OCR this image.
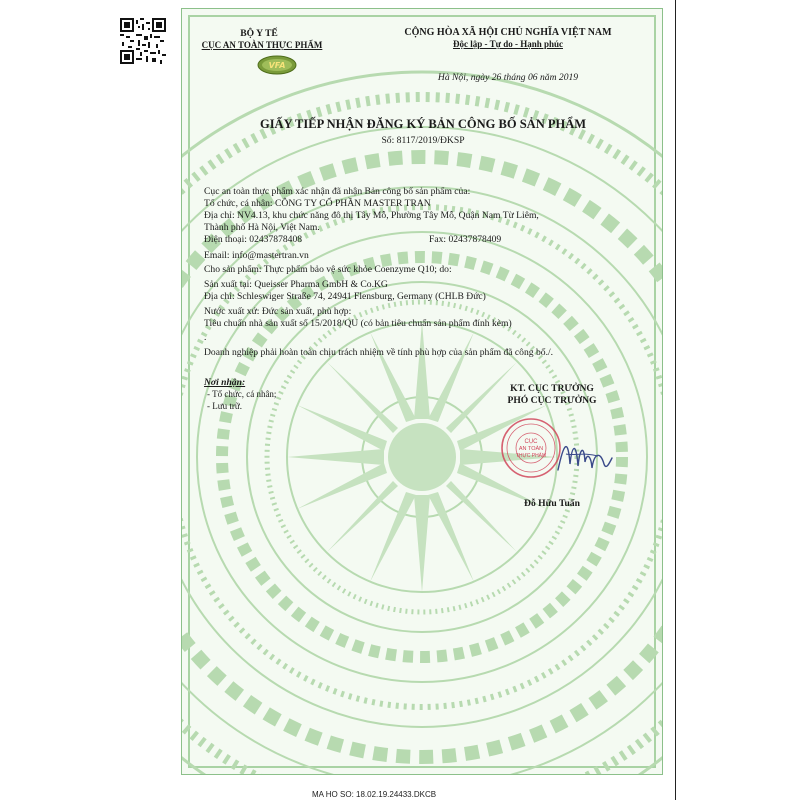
BỘ Y TẾ
CỤC AN TOÀN THỰC PHẨM
VFA
CỘNG HÒA XÃ HỘI CHỦ NGHĨA VIỆT NAM
Độc lập - Tự do - Hạnh phúc
Hà Nội, ngày 26 tháng 06 năm 2019
GIẤY TIẾP NHẬN ĐĂNG KÝ BẢN CÔNG BỐ SẢN PHẨM
Số: 8117/2019/ĐKSP
Cục an toàn thực phẩm xác nhận đã nhận Bản công bố sản phẩm của:
Tổ chức, cá nhân: CÔNG TY CỔ PHẦN MASTER TRAN
Địa chỉ: NV4.13, khu chức năng đô thị Tây Mỗ, Phường Tây Mỗ, Quận Nam Từ Liêm,
Thành phố Hà Nội, Việt Nam.
Điện thoại: 02437878408	Fax: 02437878409
Email: info@mastertran.vn
Cho sản phẩm: Thực phẩm bảo vệ sức khỏe Coenzyme Q10; do:
Sản xuất tại: Queisser Pharma GmbH & Co.KG
Địa chỉ: Schleswiger Straße 74, 24941 Flensburg, Germany (CHLB Đức)
Nước xuất xứ: Đức sản xuất, phù hợp:
Tiêu chuẩn nhà sản xuất số 15/2018/QU (có bản tiêu chuẩn sản phẩm đính kèm)
.
Doanh nghiệp phải hoàn toàn chịu trách nhiệm về tính phù hợp của sản phẩm đã công bố./.
Nơi nhận:
- Tổ chức, cá nhân;
- Lưu trữ.
KT. CỤC TRƯỞNG
PHÓ CỤC TRƯỞNG
CỤC
AN TOÀN
THỰC PHẨM
Đỗ Hữu Tuấn
MA HO SO: 18.02.19.24433.DKCB
